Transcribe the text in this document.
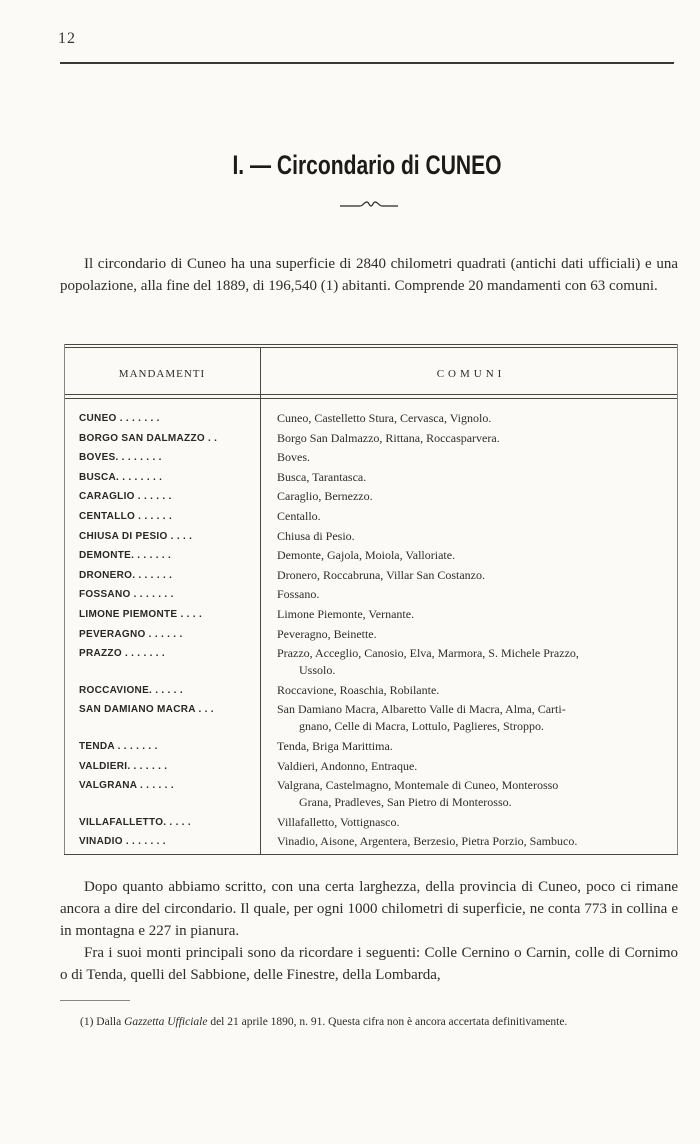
12
I. — Circondario di CUNEO
Il circondario di Cuneo ha una superficie di 2840 chilometri quadrati (antichi dati ufficiali) e una popolazione, alla fine del 1889, di 196,540 (1) abitanti. Comprende 20 mandamenti con 63 comuni.
MANDAMENTI	COMUNI
CUNEO . . . . . . .	Cuneo, Castelletto Stura, Cervasca, Vignolo.
BORGO SAN DALMAZZO . .	Borgo San Dalmazzo, Rittana, Roccasparvera.
BOVES. . . . . . . .	Boves.
BUSCA. . . . . . . .	Busca, Tarantasca.
CARAGLIO . . . . . .	Caraglio, Bernezzo.
CENTALLO . . . . . .	Centallo.
CHIUSA DI PESIO . . . .	Chiusa di Pesio.
DEMONTE. . . . . . .	Demonte, Gajola, Moiola, Valloriate.
DRONERO. . . . . . .	Dronero, Roccabruna, Villar San Costanzo.
FOSSANO . . . . . . .	Fossano.
LIMONE PIEMONTE . . . .	Limone Piemonte, Vernante.
PEVERAGNO . . . . . .	Peveragno, Beinette.
PRAZZO . . . . . . .	Prazzo, Acceglio, Canosio, Elva, Marmora, S. Michele Prazzo,
Ussolo.
ROCCAVIONE. . . . . .	Roccavione, Roaschia, Robilante.
SAN DAMIANO MACRA . . .	San Damiano Macra, Albaretto Valle di Macra, Alma, Carti-
gnano, Celle di Macra, Lottulo, Paglieres, Stroppo.
TENDA . . . . . . .	Tenda, Briga Marittima.
VALDIERI. . . . . . .	Valdieri, Andonno, Entraque.
VALGRANA . . . . . .	Valgrana, Castelmagno, Montemale di Cuneo, Monterosso
Grana, Pradleves, San Pietro di Monterosso.
VILLAFALLETTO. . . . .	Villafalletto, Vottignasco.
VINADIO . . . . . . .	Vinadio, Aisone, Argentera, Berzesio, Pietra Porzio, Sambuco.

Dopo quanto abbiamo scritto, con una certa larghezza, della provincia di Cuneo, poco ci rimane ancora a dire del circondario. Il quale, per ogni 1000 chilometri di superficie, ne conta 773 in collina e in montagna e 227 in pianura.

Fra i suoi monti principali sono da ricordare i seguenti: Colle Cernino o Carnin, colle di Cornimo o di Tenda, quelli del Sabbione, delle Finestre, della Lombarda,

(1) Dalla Gazzetta Ufficiale del 21 aprile 1890, n. 91. Questa cifra non è ancora accertata definitivamente.
